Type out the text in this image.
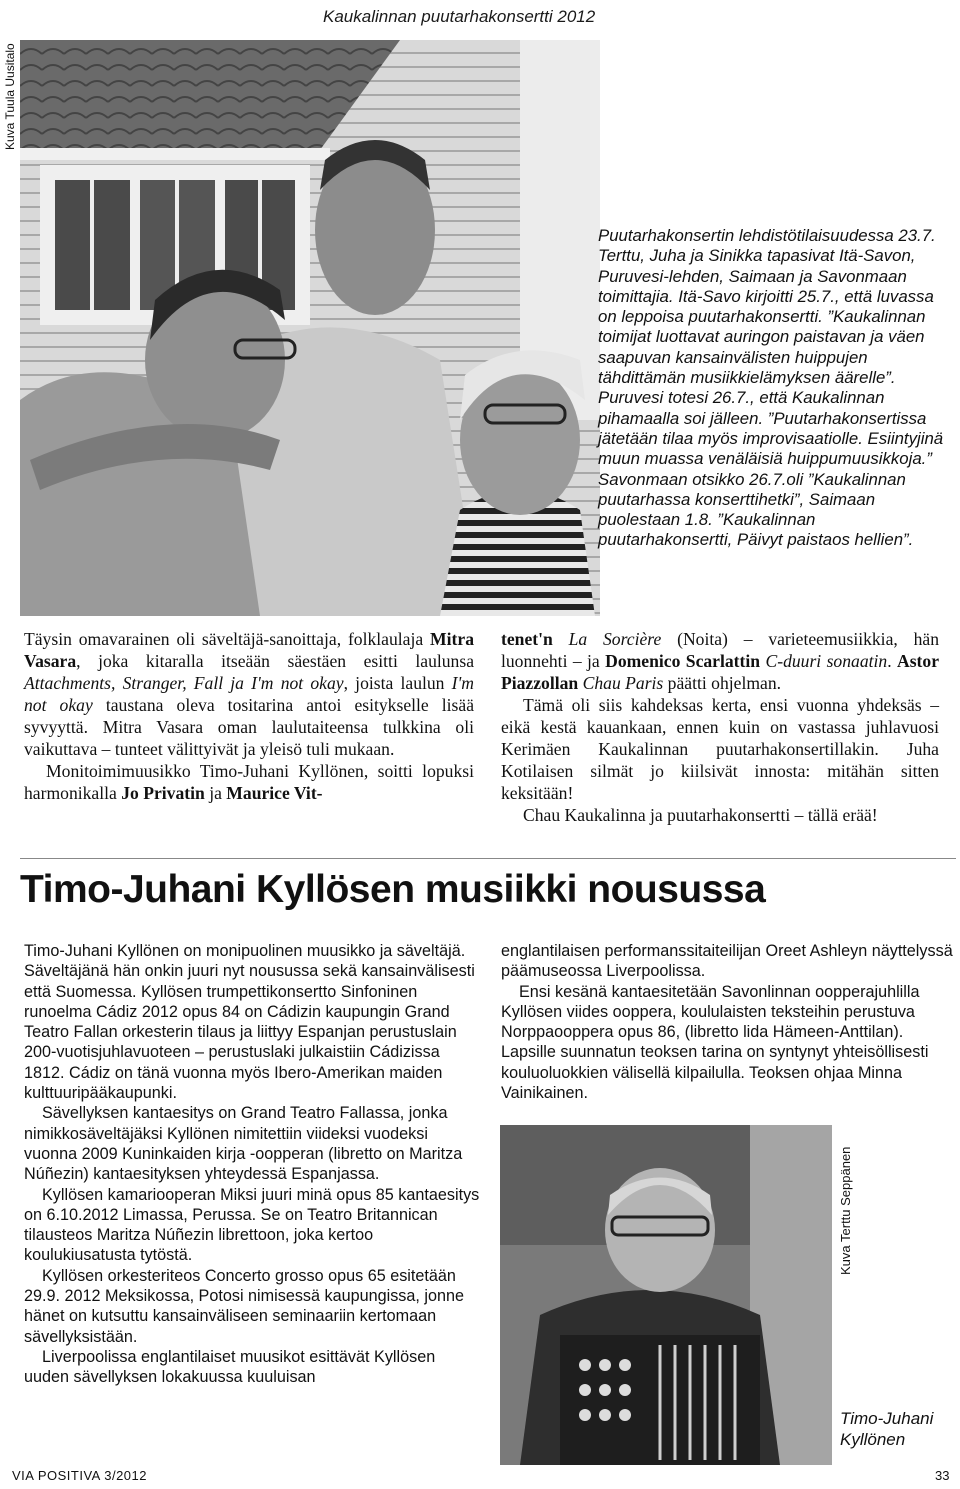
Kaukalinnan puutarhakonsertti 2012
Kuva Tuula Uusitalo
Puutarhakonsertin lehdistötilaisuudessa 23.7. Terttu, Juha ja Sinikka tapasivat Itä-Savon, Puruvesi-lehden, Saimaan ja Savonmaan toimittajia. Itä-Savo kirjoitti 25.7., että luvassa on leppoisa puutarhakonsertti. ”Kaukalinnan toimijat luottavat auringon paistavan ja väen saapuvan kansainvälisten huippujen tähdittämän musiikkielämyksen äärelle”. Puruvesi totesi 26.7., että Kaukalinnan pihamaalla soi jälleen. ”Puutarhakonsertissa jätetään tilaa myös improvisaatiolle. Esiintyjinä muun muassa venäläisiä huippumuusikkoja.” Savonmaan otsikko 26.7.oli ”Kaukalinnan puutarhassa konserttihetki”, Saimaan puolestaan 1.8. ”Kaukalinnan puutarhakonsertti, Päivyt paistaos hellien”.

Täysin omavarainen oli säveltäjä-sanoittaja, folklaulaja Mitra Vasara, joka kitaralla itseään säestäen esitti laulunsa Attachments, Stranger, Fall ja I'm not okay, joista laulun I'm not okay taustana oleva tositarina antoi esitykselle lisää syvyyttä. Mitra Vasara oman laulutaiteensa tulkkina oli vaikuttava – tunteet välittyivät ja yleisö tuli mukaan.

Monitoimimuusikko Timo-Juhani Kyllönen, soitti lopuksi harmonikalla Jo Privatin ja Maurice Vit-

tenet'n La Sorcière (Noita) – varieteemusiikkia, hän luonnehti – ja Domenico Scarlattin C-duuri sonaatin. Astor Piazzollan Chau Paris päätti ohjelman.

Tämä oli siis kahdeksas kerta, ensi vuonna yhdeksäs – eikä kestä kauankaan, ennen kuin on vastassa juhlavuosi Kerimäen Kaukalinnan puutarhakonsertillakin. Juha Kotilaisen silmät jo kiilsivät innosta: mitähän sitten keksitään!

Chau Kaukalinna ja puutarhakonsertti – tällä erää!

Timo-Juhani Kyllösen musiikki nousussa

Timo-Juhani Kyllönen on monipuolinen muusikko ja säveltäjä. Säveltäjänä hän onkin juuri nyt nousussa sekä kansainvälisesti että Suomessa. Kyllösen trumpettikonsertto Sinfoninen runoelma Cádiz 2012 opus 84 on Cádizin kaupungin Grand Teatro Fallan orkesterin tilaus ja liittyy Espanjan perustuslain 200-vuotisjuhlavuoteen – perustuslaki julkaistiin Cádizissa 1812. Cádiz on tänä vuonna myös Ibero-Amerikan maiden kulttuuripääkaupunki.

Sävellyksen kantaesitys on Grand Teatro Fallassa, jonka nimikkosäveltäjäksi Kyllönen nimitettiin viideksi vuodeksi vuonna 2009 Kuninkaiden kirja -oopperan (libretto on Maritza Núñezin) kantaesityksen yhteydessä Espanjassa.

Kyllösen kamariooperan Miksi juuri minä opus 85 kantaesitys on 6.10.2012 Limassa, Perussa. Se on Teatro Britannican tilausteos Maritza Núñezin librettoon, joka kertoo koulukiusatusta tytöstä.

Kyllösen orkesteriteos Concerto grosso opus 65 esitetään 29.9. 2012 Meksikossa, Potosi nimisessä kaupungissa, jonne hänet on kutsuttu kansainväliseen seminaariin kertomaan sävellyksistään.

Liverpoolissa englantilaiset muusikot esittävät Kyllösen uuden sävellyksen lokakuussa kuuluisan

englantilaisen performanssitaiteilijan Oreet Ashleyn näyttelyssä päämuseossa Liverpoolissa.

Ensi kesänä kantaesitetään Savonlinnan oopperajuhlilla Kyllösen viides ooppera, koululaisten teksteihin perustuva Norppaooppera opus 86, (libretto lida Hämeen-Anttilan). Lapsille suunnatun teoksen tarina on syntynyt yhteisöllisesti kouluoluokkien välisellä kilpailulla. Teoksen ohjaa Minna Vainikainen.

Kuva Terttu Seppänen
Timo-Juhani
Kyllönen
VIA POSITIVA 3/2012	33
